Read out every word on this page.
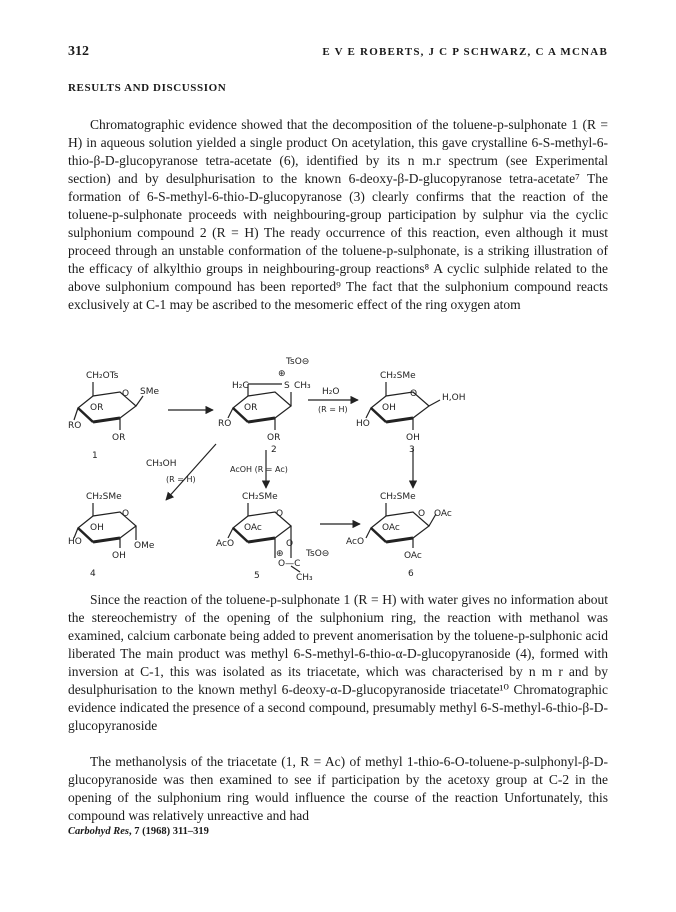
312	E V E ROBERTS, J C P SCHWARZ, C A MCNAB
RESULTS AND DISCUSSION
Chromatographic evidence showed that the decomposition of the toluene-p-sulphonate 1 (R = H) in aqueous solution yielded a single product On acetylation, this gave crystalline 6-S-methyl-6-thio-β-D-glucopyranose tetra-acetate (6), identified by its n m.r spectrum (see Experimental section) and by desulphurisation to the known 6-deoxy-β-D-glucopyranose tetra-acetate⁷ The formation of 6-S-methyl-6-thio-D-glucopyranose (3) clearly confirms that the reaction of the toluene-p-sulphonate proceeds with neighbouring-group participation by sulphur via the cyclic sulphonium compound 2 (R = H) The ready occurrence of this reaction, even although it must proceed through an unstable conformation of the toluene-p-sulphonate, is a striking illustration of the efficacy of alkylthio groups in neighbouring-group reactions⁸ A cyclic sulphide related to the above sulphonium compound has been reported⁹ The fact that the sulphonium compound reacts exclusively at C-1 may be ascribed to the mesomeric effect of the ring oxygen atom
CH₂OTs
O SMe
OR
RO
OR
1
TsO⊖
⊕
H₂C	S CH₃
OR
RO
OR
2
H₂O
(R = H)
CH₂SMe
O	H,OH
OH
HO
OH
3
CH₃OH
(R = H)
AcOH (R = Ac)
CH₂SMe
O
OH
HO	OMe
OH
4
CH₂SMe
O
OAc
AcO	O
⊕
O—C
CH₃
TsO⊖
5
CH₂SMe
O OAc
OAc
AcO
OAc
6
Since the reaction of the toluene-p-sulphonate 1 (R = H) with water gives no information about the stereochemistry of the opening of the sulphonium ring, the reaction with methanol was examined, calcium carbonate being added to prevent anomerisation by the toluene-p-sulphonic acid liberated The main product was methyl 6-S-methyl-6-thio-α-D-glucopyranoside (4), formed with inversion at C-1, this was isolated as its triacetate, which was characterised by n m r and by desulphurisation to the known methyl 6-deoxy-α-D-glucopyranoside triacetate¹⁰ Chromatographic evidence indicated the presence of a second compound, presumably methyl 6-S-methyl-6-thio-β-D-glucopyranoside
The methanolysis of the triacetate (1, R = Ac) of methyl 1-thio-6-O-toluene-p-sulphonyl-β-D-glucopyranoside was then examined to see if participation by the acetoxy group at C-2 in the opening of the sulphonium ring would influence the course of the reaction Unfortunately, this compound was relatively unreactive and had
Carbohyd Res, 7 (1968) 311–319
